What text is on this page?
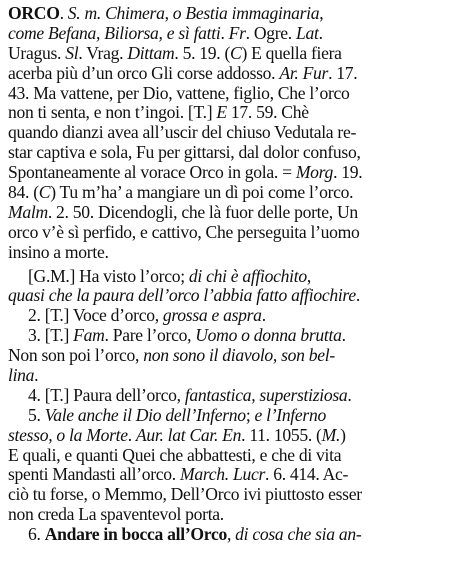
ORCO. S. m. Chimera, o Bestia immaginaria,
come Befana, Biliorsa, e sì fatti. Fr. Ogre. Lat.
Uragus. Sl. Vrag. Dittam. 5. 19. (C) E quella fiera
acerba più d’un orco Gli corse addosso. Ar. Fur. 17.
43. Ma vattene, per Dio, vattene, figlio, Che l’orco
non ti senta, e non t’ingoi. [T.] E 17. 59. Chè
quando dianzi avea all’uscir del chiuso Vedutala re-
star captiva e sola, Fu per gittarsi, dal dolor confuso,
Spontaneamente al vorace Orco in gola. = Morg. 19.
84. (C) Tu m’ha’ a mangiare un dì poi come l’orco.
Malm. 2. 50. Dicendogli, che là fuor delle porte, Un
orco v’è sì perfido, e cattivo, Che perseguita l’uomo
insino a morte.
[G.M.] Ha visto l’orco; di chi è affiochito,
quasi che la paura dell’orco l’abbia fatto affiochire.
2. [T.] Voce d’orco, grossa e aspra.
3. [T.] Fam. Pare l’orco, Uomo o donna brutta.
Non son poi l’orco, non sono il diavolo, son bel-
lina.
4. [T.] Paura dell’orco, fantastica, superstiziosa.
5. Vale anche il Dio dell’Inferno; e l’Inferno
stesso, o la Morte. Aur. lat Car. En. 11. 1055. (M.)
E quali, e quanti Quei che abbattesti, e che di vita
spenti Mandasti all’orco. March. Lucr. 6. 414. Ac-
ciò tu forse, o Memmo, Dell’Orco ivi piuttosto esser
non creda La spaventevol porta.
6. Andare in bocca all’Orco, di cosa che sia an-
